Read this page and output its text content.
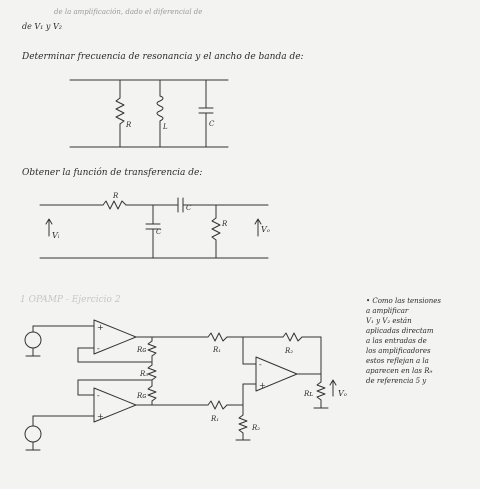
de la amplificación, dado el diferencial de
de V₁ y V₂
Determinar frecuencia de resonancia y el ancho de banda de:
Obtener la función de transferencia de:
1 OPAMP - Ejercicio 2
R	L	C
R
C
C
R
Vᵢ
Vₒ
+
-
-
+
-
+
Rɢ
R₃
Rɢ
R₁
R₁
R₂
R₂
Rʟ	Vₒ
• Como las tensiones
a amplificar
V₁ y V₂ están
aplicadas directam
a las entradas de
los amplificadores
estos reflejan a la
aparecen en las R₉
de referencia 5 y
